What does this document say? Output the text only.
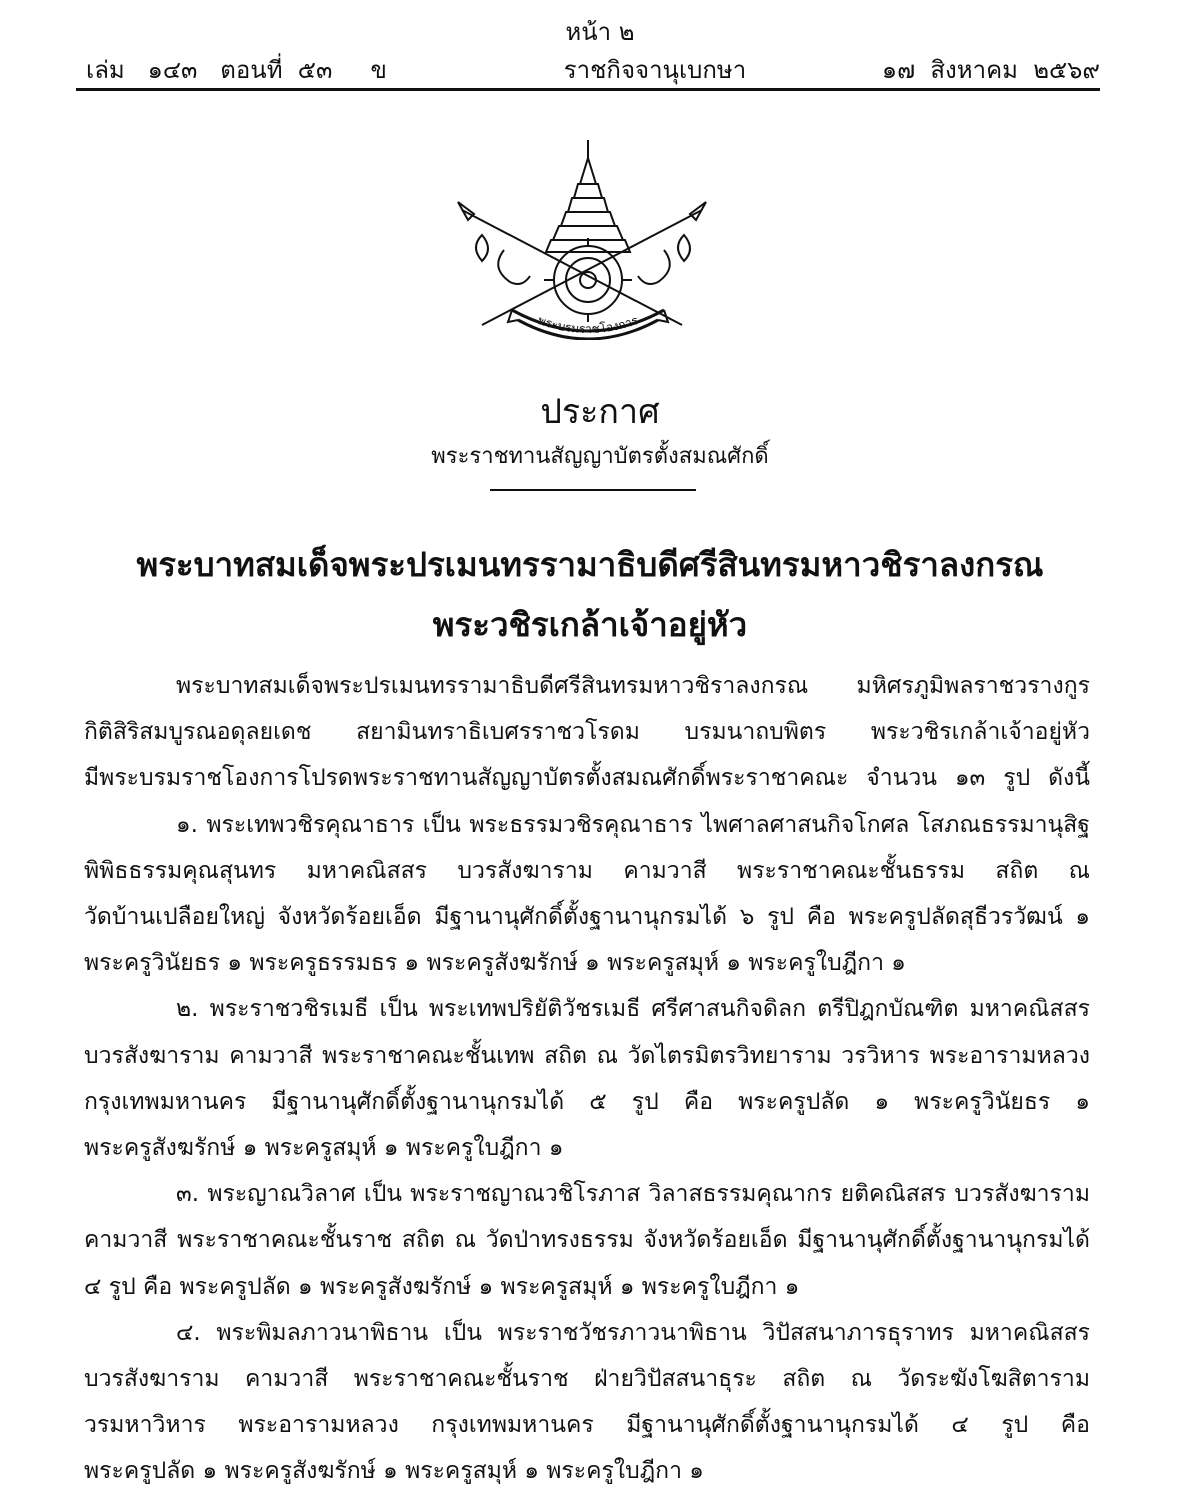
หน้า ๒
เล่ม   ๑๔๓   ตอนที่  ๕๓     ข	ราชกิจจานุเบกษา	๑๗  สิงหาคม  ๒๕๖๙
พระบรมราชโองการ
ประกาศ
พระราชทานสัญญาบัตรตั้งสมณศักดิ์
พระบาทสมเด็จพระปรเมนทรรามาธิบดีศรีสินทรมหาวชิราลงกรณ
พระวชิรเกล้าเจ้าอยู่หัว
พระบาทสมเด็จพระปรเมนทรรามาธิบดีศรีสินทรมหาวชิราลงกรณ มหิศรภูมิพลราชวรางกูร
กิติสิริสมบูรณอดุลยเดช สยามินทราธิเบศรราชวโรดม บรมนาถบพิตร พระวชิรเกล้าเจ้าอยู่หัว
มีพระบรมราชโองการโปรดพระราชทานสัญญาบัตรตั้งสมณศักดิ์พระราชาคณะ จำนวน ๑๓ รูป ดังนี้
๑. พระเทพวชิรคุณาธาร เป็น พระธรรมวชิรคุณาธาร ไพศาลศาสนกิจโกศล โสภณธรรมานุสิฐ
พิพิธธรรมคุณสุนทร มหาคณิสสร บวรสังฆาราม คามวาสี พระราชาคณะชั้นธรรม สถิต ณ
วัดบ้านเปลือยใหญ่ จังหวัดร้อยเอ็ด มีฐานานุศักดิ์ตั้งฐานานุกรมได้ ๖ รูป คือ พระครูปลัดสุธีวรวัฒน์ ๑
พระครูวินัยธร ๑ พระครูธรรมธร ๑ พระครูสังฆรักษ์ ๑ พระครูสมุห์ ๑ พระครูใบฎีกา ๑
๒. พระราชวชิรเมธี เป็น พระเทพปริยัติวัชรเมธี ศรีศาสนกิจดิลก ตรีปิฎกบัณฑิต มหาคณิสสร
บวรสังฆาราม คามวาสี พระราชาคณะชั้นเทพ สถิต ณ วัดไตรมิตรวิทยาราม วรวิหาร พระอารามหลวง
กรุงเทพมหานคร มีฐานานุศักดิ์ตั้งฐานานุกรมได้ ๕ รูป คือ พระครูปลัด ๑ พระครูวินัยธร ๑
พระครูสังฆรักษ์ ๑ พระครูสมุห์ ๑ พระครูใบฎีกา ๑
๓. พระญาณวิลาศ เป็น พระราชญาณวชิโรภาส วิลาสธรรมคุณากร ยติคณิสสร บวรสังฆาราม
คามวาสี พระราชาคณะชั้นราช สถิต ณ วัดป่าทรงธรรม จังหวัดร้อยเอ็ด มีฐานานุศักดิ์ตั้งฐานานุกรมได้
๔ รูป คือ พระครูปลัด ๑ พระครูสังฆรักษ์ ๑ พระครูสมุห์ ๑ พระครูใบฎีกา ๑
๔. พระพิมลภาวนาพิธาน เป็น พระราชวัชรภาวนาพิธาน วิปัสสนาภารธุราทร มหาคณิสสร
บวรสังฆาราม คามวาสี พระราชาคณะชั้นราช ฝ่ายวิปัสสนาธุระ สถิต ณ วัดระฆังโฆสิตาราม
วรมหาวิหาร พระอารามหลวง กรุงเทพมหานคร มีฐานานุศักดิ์ตั้งฐานานุกรมได้ ๔ รูป คือ
พระครูปลัด ๑ พระครูสังฆรักษ์ ๑ พระครูสมุห์ ๑ พระครูใบฎีกา ๑
